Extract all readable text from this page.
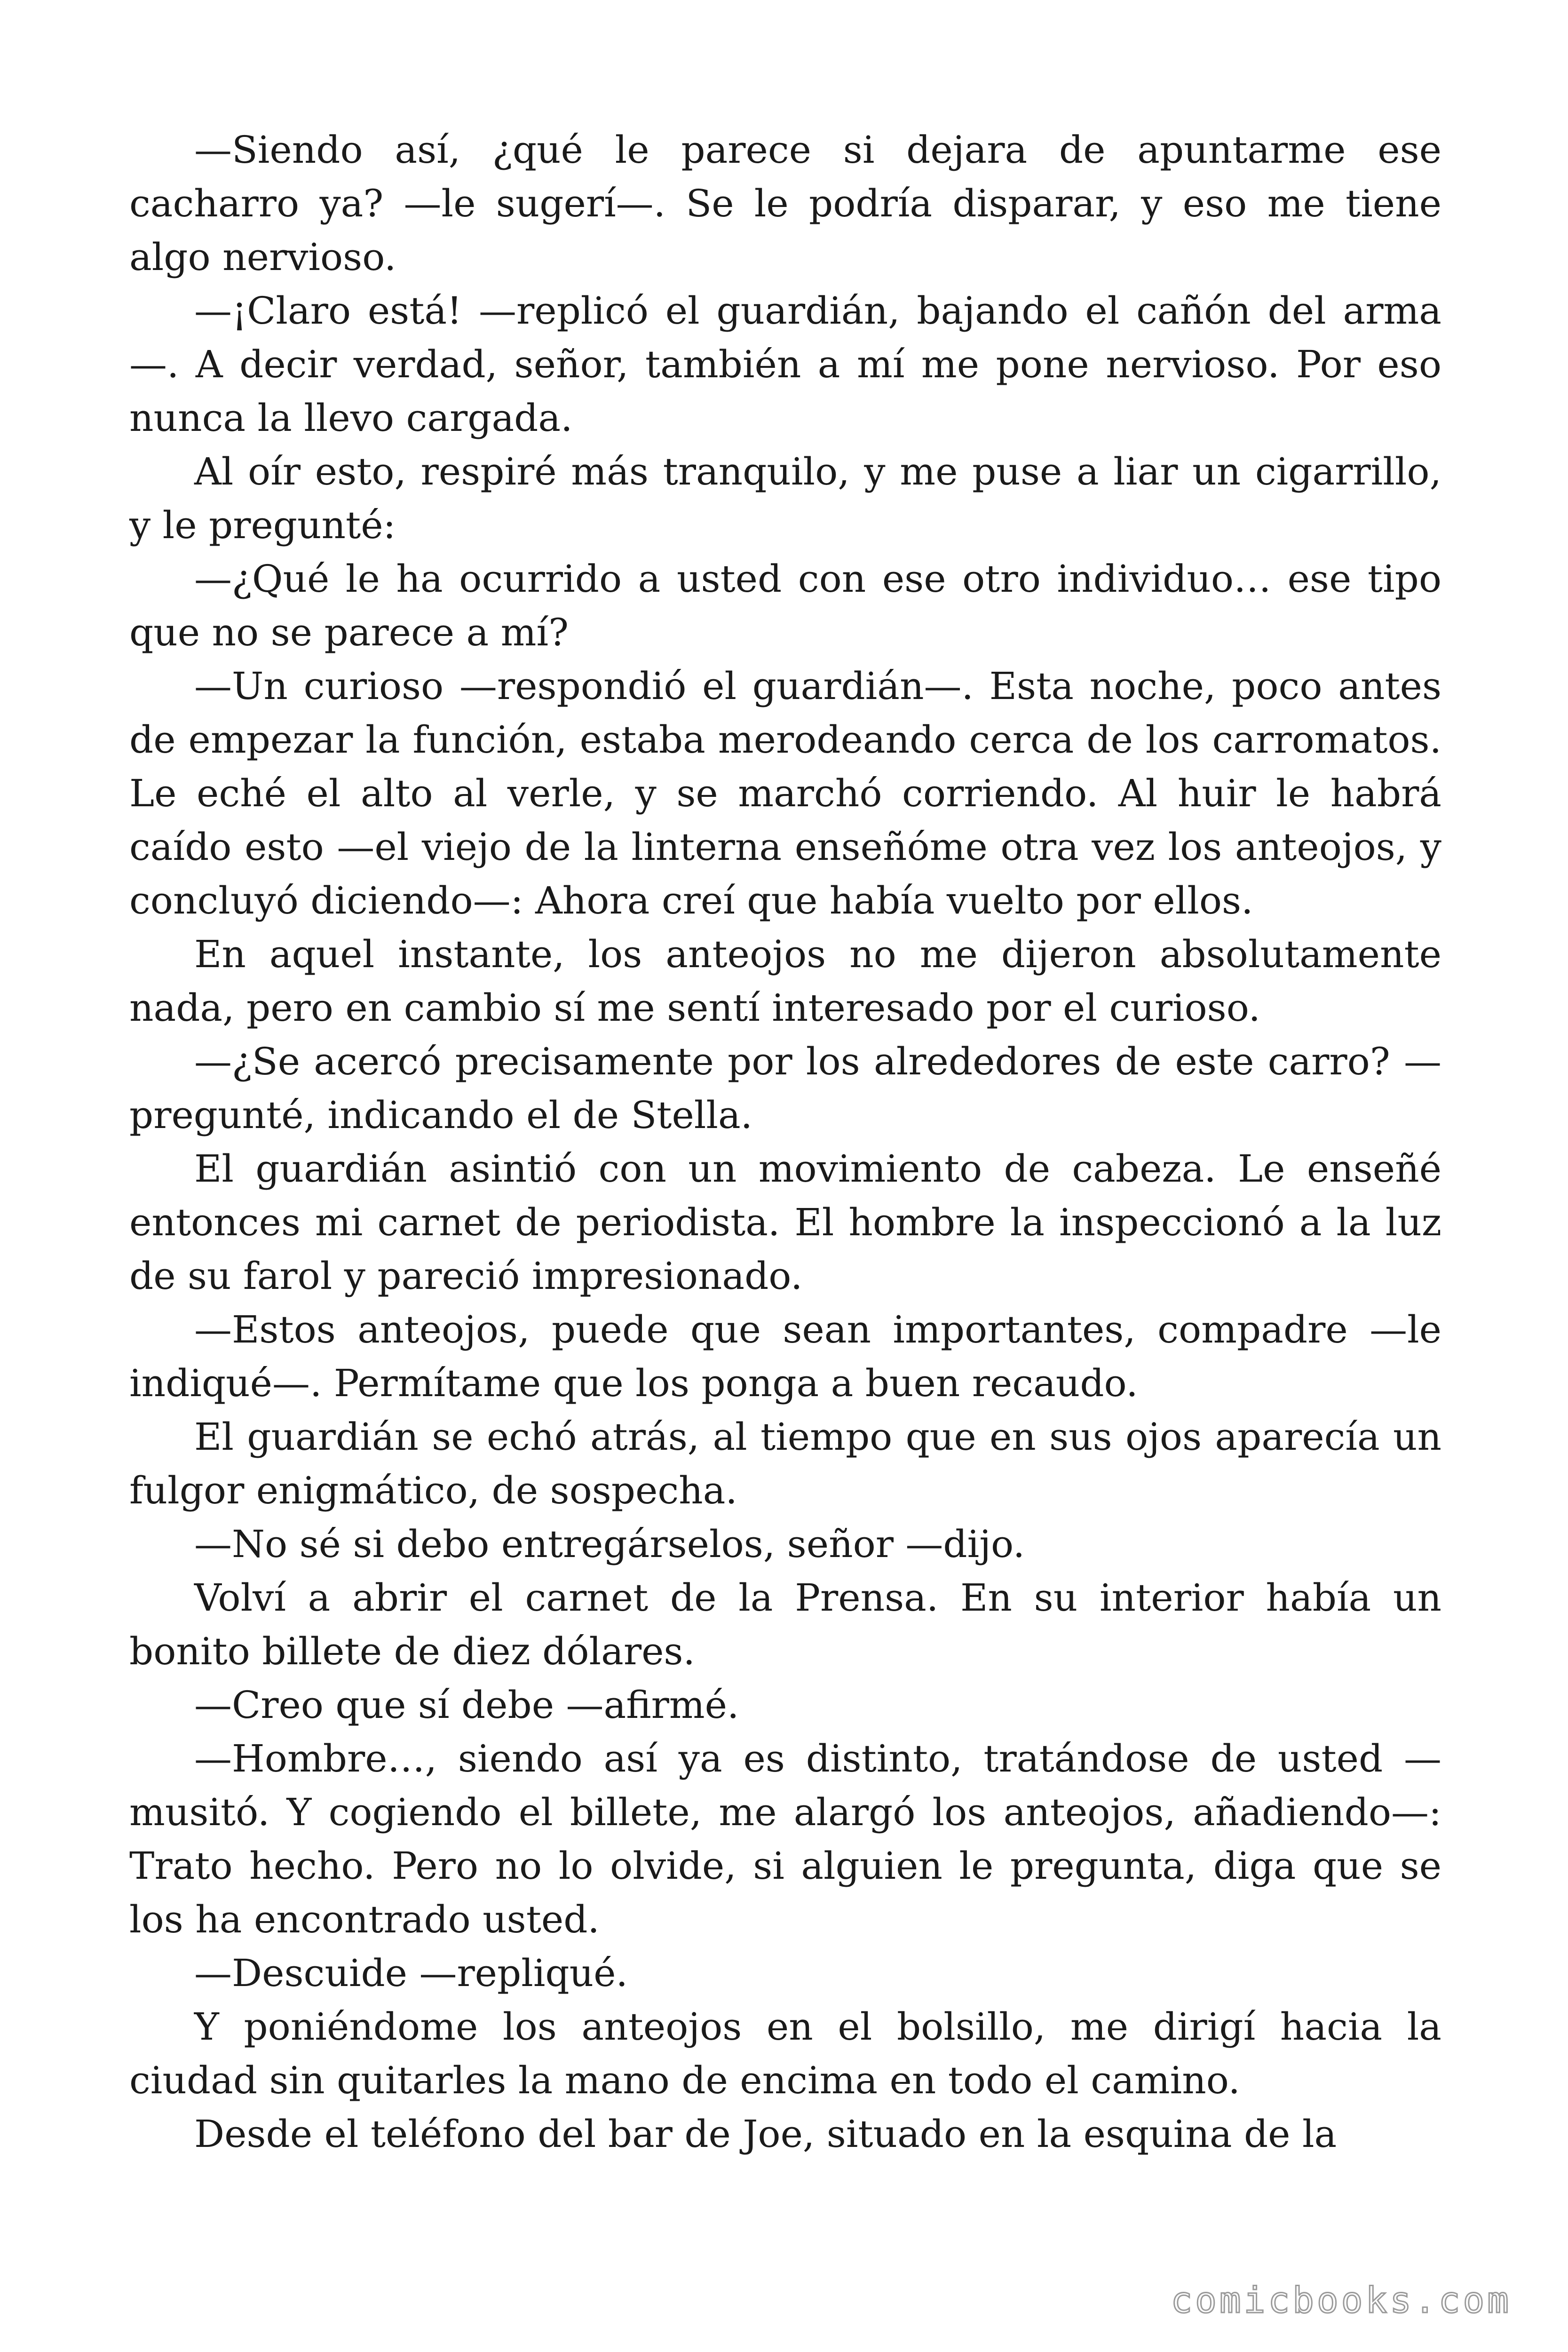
—Siendo así, ¿qué le parece si dejara de apuntarme ese cacharro ya? —le sugerí—. Se le podría disparar, y eso me tiene algo nervioso.

—¡Claro está! —replicó el guardián, bajando el cañón del arma —. A decir verdad, señor, también a mí me pone nervioso. Por eso nunca la llevo cargada.

Al oír esto, respiré más tranquilo, y me puse a liar un cigarrillo, y le pregunté:

—¿Qué le ha ocurrido a usted con ese otro individuo… ese tipo que no se parece a mí?

—Un curioso —respondió el guardián—. Esta noche, poco antes de empezar la función, estaba merodeando cerca de los carromatos. Le eché el alto al verle, y se marchó corriendo. Al huir le habrá caído esto —el viejo de la linterna enseñóme otra vez los anteojos, y concluyó diciendo—: Ahora creí que había vuelto por ellos.

En aquel instante, los anteojos no me dijeron absolutamente nada, pero en cambio sí me sentí interesado por el curioso.

—¿Se acercó precisamente por los alrededores de este carro? — pregunté, indicando el de Stella.

El guardián asintió con un movimiento de cabeza. Le enseñé entonces mi carnet de periodista. El hombre la inspeccionó a la luz de su farol y pareció impresionado.

—Estos anteojos, puede que sean importantes, compadre —le indiqué—. Permítame que los ponga a buen recaudo.

El guardián se echó atrás, al tiempo que en sus ojos aparecía un fulgor enigmático, de sospecha.

—No sé si debo entregárselos, señor —dijo.

Volví a abrir el carnet de la Prensa. En su interior había un bonito billete de diez dólares.

—Creo que sí debe —afirmé.

—Hombre…, siendo así ya es distinto, tratándose de usted — musitó. Y cogiendo el billete, me alargó los anteojos, añadiendo—: Trato hecho. Pero no lo olvide, si alguien le pregunta, diga que se los ha encontrado usted.

—Descuide —repliqué.

Y poniéndome los anteojos en el bolsillo, me dirigí hacia la ciudad sin quitarles la mano de encima en todo el camino.

Desde el teléfono del bar de Joe, situado en la esquina de la

comicbooks.com
